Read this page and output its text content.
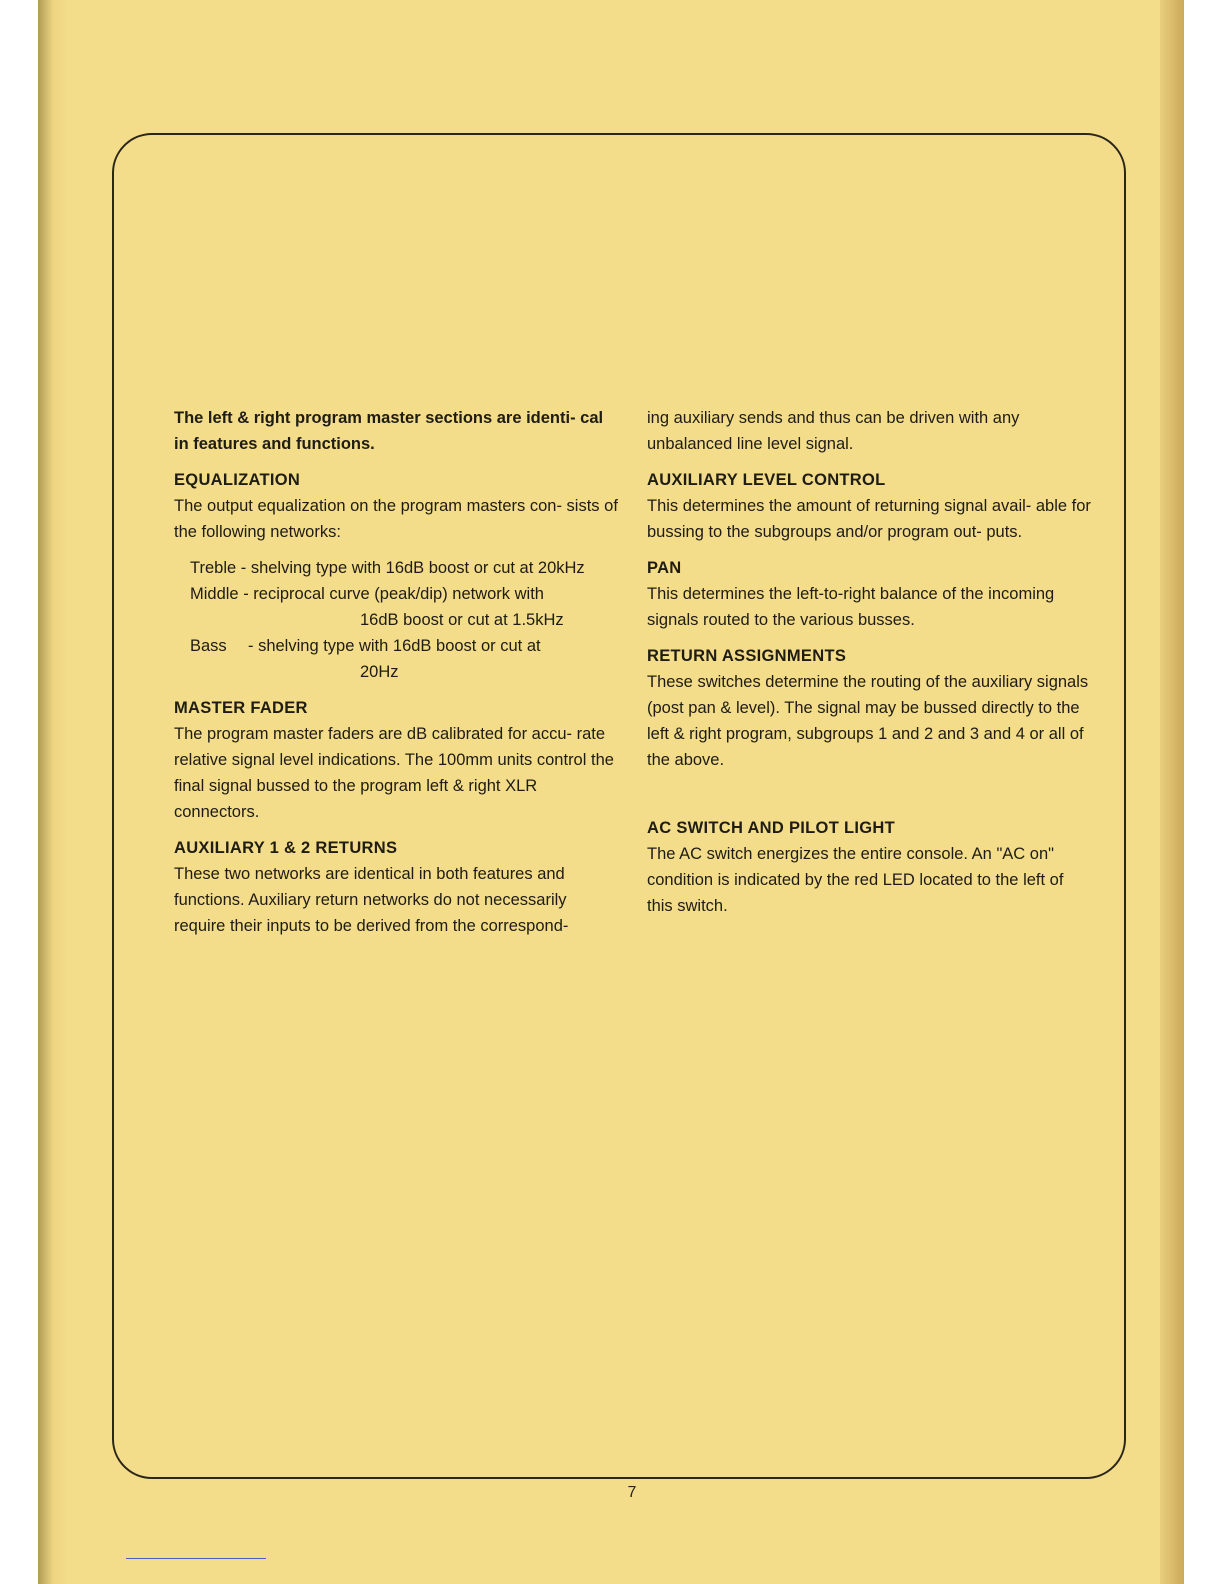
The left & right program master sections are identi- cal in features and functions.

EQUALIZATION

The output equalization on the program masters con- sists of the following networks:

Treble - shelving type with 16dB boost or cut at 20kHz
Middle - reciprocal curve (peak/dip) network with
16dB boost or cut at 1.5kHz
Bass	- shelving type with 16dB boost or cut at
20Hz

MASTER FADER

The program master faders are dB calibrated for accu- rate relative signal level indications. The 100mm units control the final signal bussed to the program left & right XLR connectors.

AUXILIARY 1 & 2 RETURNS

These two networks are identical in both features and functions. Auxiliary return networks do not necessarily require their inputs to be derived from the correspond-

ing auxiliary sends and thus can be driven with any unbalanced line level signal.

AUXILIARY LEVEL CONTROL

This determines the amount of returning signal avail- able for bussing to the subgroups and/or program out- puts.

PAN

This determines the left-to-right balance of the incoming signals routed to the various busses.

RETURN ASSIGNMENTS

These switches determine the routing of the auxiliary signals (post pan & level). The signal may be bussed directly to the left & right program, subgroups 1 and 2 and 3 and 4 or all of the above.

AC SWITCH AND PILOT LIGHT

The AC switch energizes the entire console. An "AC on" condition is indicated by the red LED located to the left of this switch.

7
